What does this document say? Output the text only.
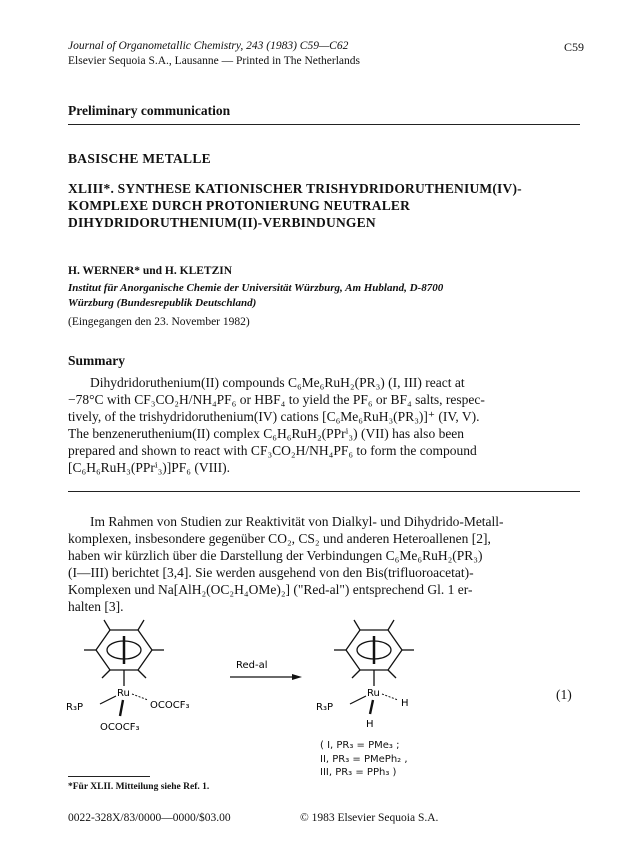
Journal of Organometallic Chemistry, 243 (1983) C59—C62
Elsevier Sequoia S.A., Lausanne — Printed in The Netherlands
C59
Preliminary communication
BASISCHE METALLE
XLIII*. SYNTHESE KATIONISCHER TRISHYDRIDORUTHENIUM(IV)-
KOMPLEXE DURCH PROTONIERUNG NEUTRALER
DIHYDRIDORUTHENIUM(II)-VERBINDUNGEN
H. WERNER* und H. KLETZIN
Institut für Anorganische Chemie der Universität Würzburg, Am Hubland, D-8700
Würzburg (Bundesrepublik Deutschland)
(Eingegangen den 23. November 1982)
Summary
Dihydridoruthenium(II) compounds C₆Me₆RuH₂(PR₃) (I, III) react at
−78°C with CF₃CO₂H/NH₄PF₆ or HBF₄ to yield the PF₆ or BF₄ salts, respec-
tively, of the trishydridoruthenium(IV) cations [C₆Me₆RuH₃(PR₃)]⁺ (IV, V).
The benzeneruthenium(II) complex C₆H₆RuH₂(PPrⁱ₃) (VII) has also been
prepared and shown to react with CF₃CO₂H/NH₄PF₆ to form the compound
[C₆H₆RuH₃(PPrⁱ₃)]PF₆ (VIII).
Im Rahmen von Studien zur Reaktivität von Dialkyl- und Dihydrido-Metall-
komplexen, insbesondere gegenüber CO₂, CS₂ und anderen Heteroallenen [2],
haben wir kürzlich über die Darstellung der Verbindungen C₆Me₆RuH₂(PR₃)
(I—III) berichtet [3,4]. Sie werden ausgehend von den Bis(trifluoroacetat)-
Komplexen und Na[AlH₂(OC₂H₄OMe)₂] ("Red-al") entsprechend Gl. 1 er-
halten [3].
Ru
R₃P	OCOCF₃
OCOCF₃
Red-al
Ru
R₃P	H
H
(1)
( I, PR₃ = PMe₃ ;
II, PR₃ = PMePh₂ ,
III, PR₃ = PPh₃ )
*Für XLII. Mitteilung siehe Ref. 1.
0022-328X/83/0000—0000/$03.00	© 1983 Elsevier Sequoia S.A.
